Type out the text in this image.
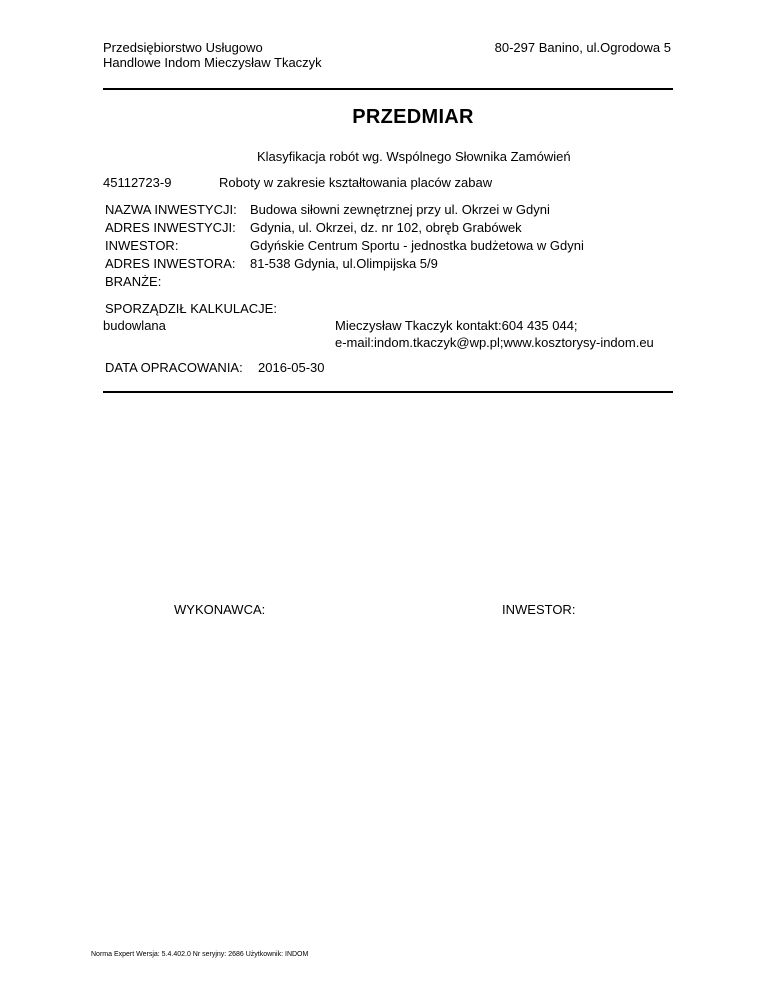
Przedsiębiorstwo Usługowo
Handlowe Indom Mieczysław Tkaczyk
80-297 Banino, ul.Ogrodowa 5
PRZEDMIAR
Klasyfikacja robót wg. Wspólnego Słownika Zamówień
45112723-9	Roboty w zakresie kształtowania placów zabaw
NAZWA INWESTYCJI: Budowa siłowni zewnętrznej przy ul. Okrzei w Gdyni
ADRES INWESTYCJI: Gdynia, ul. Okrzei, dz. nr 102, obręb Grabówek
INWESTOR:	Gdyńskie Centrum Sportu - jednostka budżetowa w Gdyni
ADRES INWESTORA: 81-538 Gdynia, ul.Olimpijska 5/9
BRANŻE:
SPORZĄDZIŁ KALKULACJE:
budowlana	Mieczysław Tkaczyk kontakt:604 435 044;
e-mail:indom.tkaczyk@wp.pl;www.kosztorysy-indom.eu
DATA OPRACOWANIA: 2016-05-30
WYKONAWCA:	INWESTOR:
Norma Expert Wersja: 5.4.402.0 Nr seryjny: 2686 Użytkownik: INDOM
